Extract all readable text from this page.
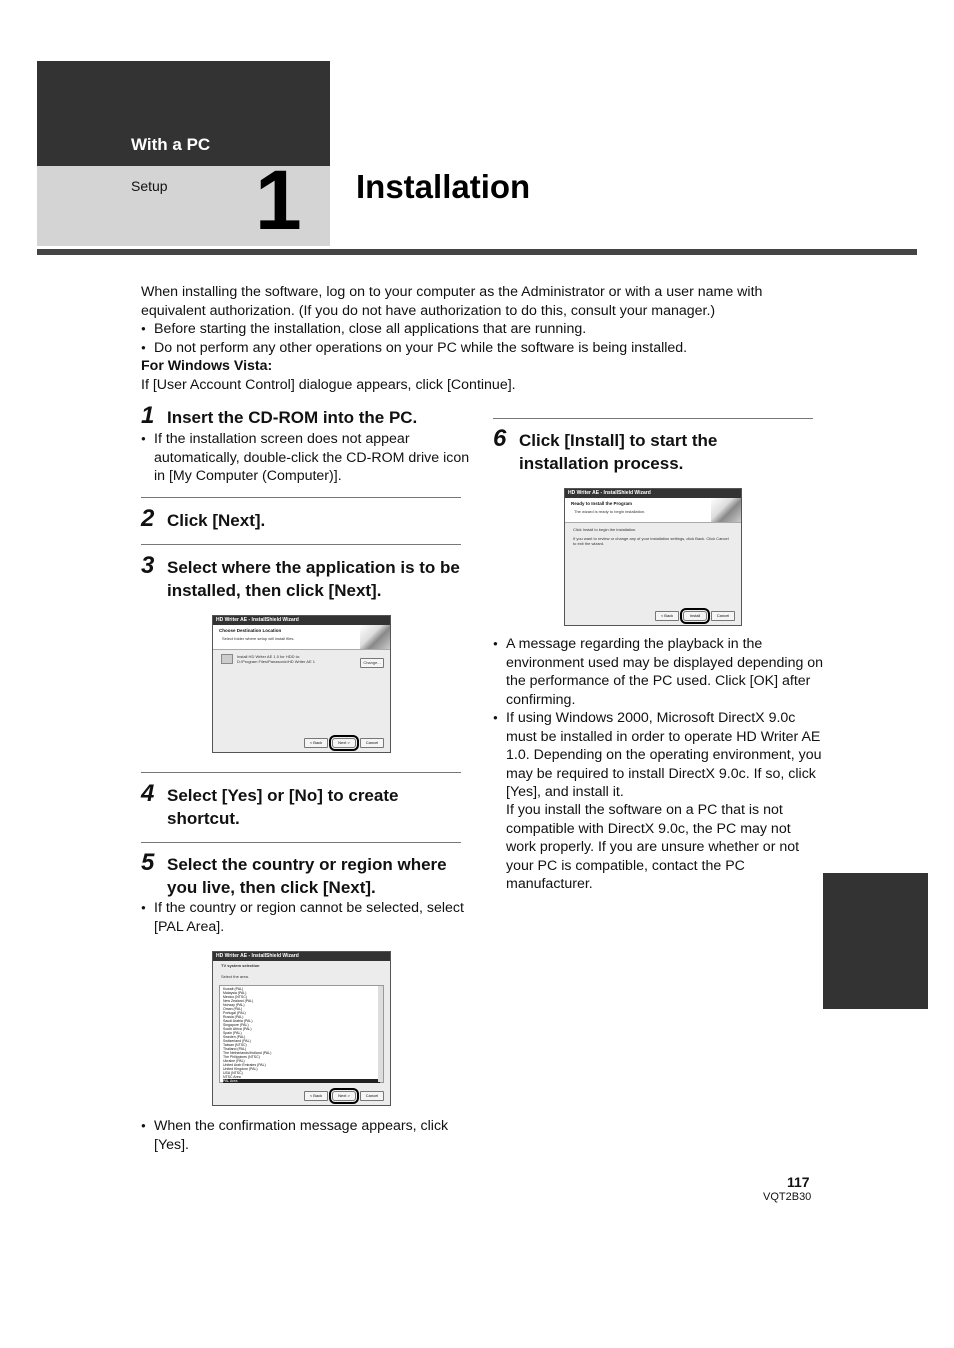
With a PC
Setup 1 Installation

When installing the software, log on to your computer as the Administrator or with a user name with

equivalent authorization. (If you do not have authorization to do this, consult your manager.)

● Before starting the installation, close all applications that are running.

● Do not perform any other operations on your PC while the software is being installed.

For Windows Vista:

If [User Account Control] dialogue appears, click [Continue].

1 Insert the CD-ROM into the PC.
● If the installation screen does not appear automatically, double-click the CD-ROM drive icon in [My Computer (Computer)].
2 Click [Next].
3 Select where the application is to be installed, then click [Next].
HD Writer AE - InstallShield Wizard
Choose Destination Location
Select folder where setup will install files.
Install HD Writer AE 1.0 for HDD to:
D:\Program Files\Panasonic\HD Writer AE 1	Change...
< Back	Next >	Cancel
4 Select [Yes] or [No] to create shortcut.
5 Select the country or region where you live, then click [Next].
● If the country or region cannot be selected, select [PAL Area].
HD Writer AE - InstallShield Wizard
TV system selection
Select the area.
Kuwait (PAL)
Malaysia (PAL)
Mexico (NTSC)
New Zealand (PAL)
Norway (PAL)
Oman (PAL)
Portugal (PAL)
Russia (PAL)
Saudi Arabia (PAL)
Singapore (PAL)
South Africa (PAL)
Spain (PAL)
Sweden (PAL)
Switzerland (PAL)
Taiwan (NTSC)
Thailand (PAL)
The Netherlands/Holland (PAL)
The Philippines (NTSC)
Ukraine (PAL)
United Arab Emirates (PAL)
United Kingdom (PAL)
USA (NTSC)
NTSC Area
PAL Area
< Back	Next >	Cancel
● When the confirmation message appears, click [Yes].
6 Click [Install] to start the installation process.
HD Writer AE - InstallShield Wizard
Ready to Install the Program
The wizard is ready to begin installation.
Click Install to begin the installation.
If you want to review or change any of your installation settings, click Back. Click Cancel to exit the wizard.
< Back	Install	Cancel
● A message regarding the playback in the environment used may be displayed depending on the performance of the PC used. Click [OK] after confirming.
● If using Windows 2000, Microsoft DirectX 9.0c must be installed in order to operate HD Writer AE 1.0. Depending on the operating environment, you may be required to install DirectX 9.0c. If so, click [Yes], and install it.
If you install the software on a PC that is not compatible with DirectX 9.0c, the PC may not work properly. If you are unsure whether or not your PC is compatible, contact the PC manufacturer.
117
VQT2B30
